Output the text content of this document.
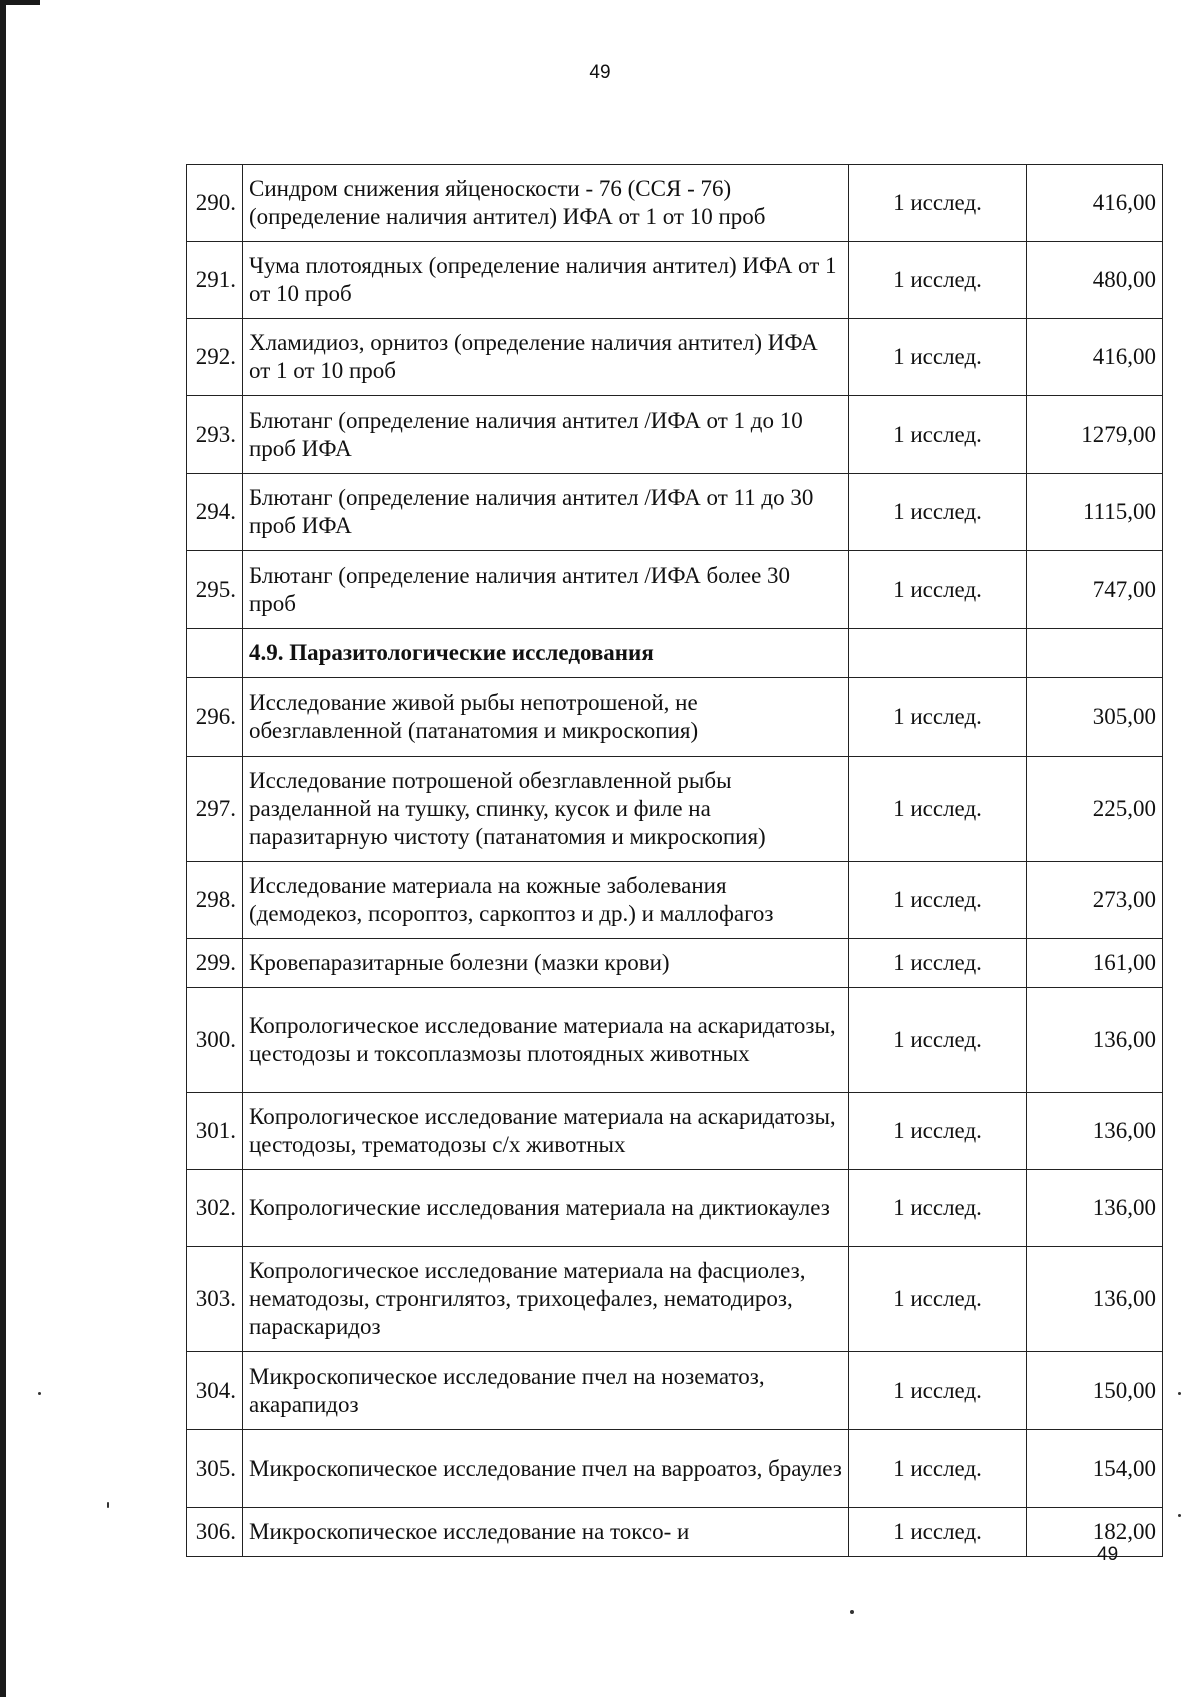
49
290.	Синдром снижения яйценоскости - 76 (ССЯ - 76) (определение наличия антител) ИФА от 1 от 10 проб	1 исслед.	416,00
291.	Чума плотоядных (определение наличия антител) ИФА от 1 от 10 проб	1 исслед.	480,00
292.	Хламидиоз, орнитоз (определение наличия антител) ИФА от 1 от 10 проб	1 исслед.	416,00
293.	Блютанг (определение наличия антител /ИФА от 1 до 10 проб ИФА	1 исслед.	1279,00
294.	Блютанг (определение наличия антител /ИФА от 11 до 30 проб ИФА	1 исслед.	1115,00
295.	Блютанг (определение наличия антител /ИФА более 30 проб	1 исслед.	747,00
	4.9. Паразитологические исследования		
296.	Исследование живой рыбы непотрошеной, не обезглавленной (патанатомия и микроскопия)	1 исслед.	305,00
297.	Исследование потрошеной обезглавленной рыбы разделанной на тушку, спинку, кусок и филе на паразитарную чистоту (патанатомия и микроскопия)	1 исслед.	225,00
298.	Исследование материала на кожные заболевания (демодекоз, псороптоз, саркоптоз и др.) и маллофагоз	1 исслед.	273,00
299.	Кровепаразитарные болезни (мазки крови)	1 исслед.	161,00
300.	Копрологическое исследование материала на аскаридатозы, цестодозы и токсоплазмозы плотоядных животных	1 исслед.	136,00
301.	Копрологическое исследование материала на аскаридатозы, цестодозы, трематодозы с/х животных	1 исслед.	136,00
302.	Копрологические исследования материала на диктиокаулез	1 исслед.	136,00
303.	Копрологическое исследование материала на фасциолез, нематодозы, стронгилятоз, трихоцефалез, нематодироз, параскаридоз	1 исслед.	136,00
304.	Микроскопическое исследование пчел на нозематоз, акарапидоз	1 исслед.	150,00
305.	Микроскопическое исследование пчел на варроатоз, браулез	1 исслед.	154,00
306.	Микроскопическое исследование на токсо- и	1 исслед.	182,00
49
